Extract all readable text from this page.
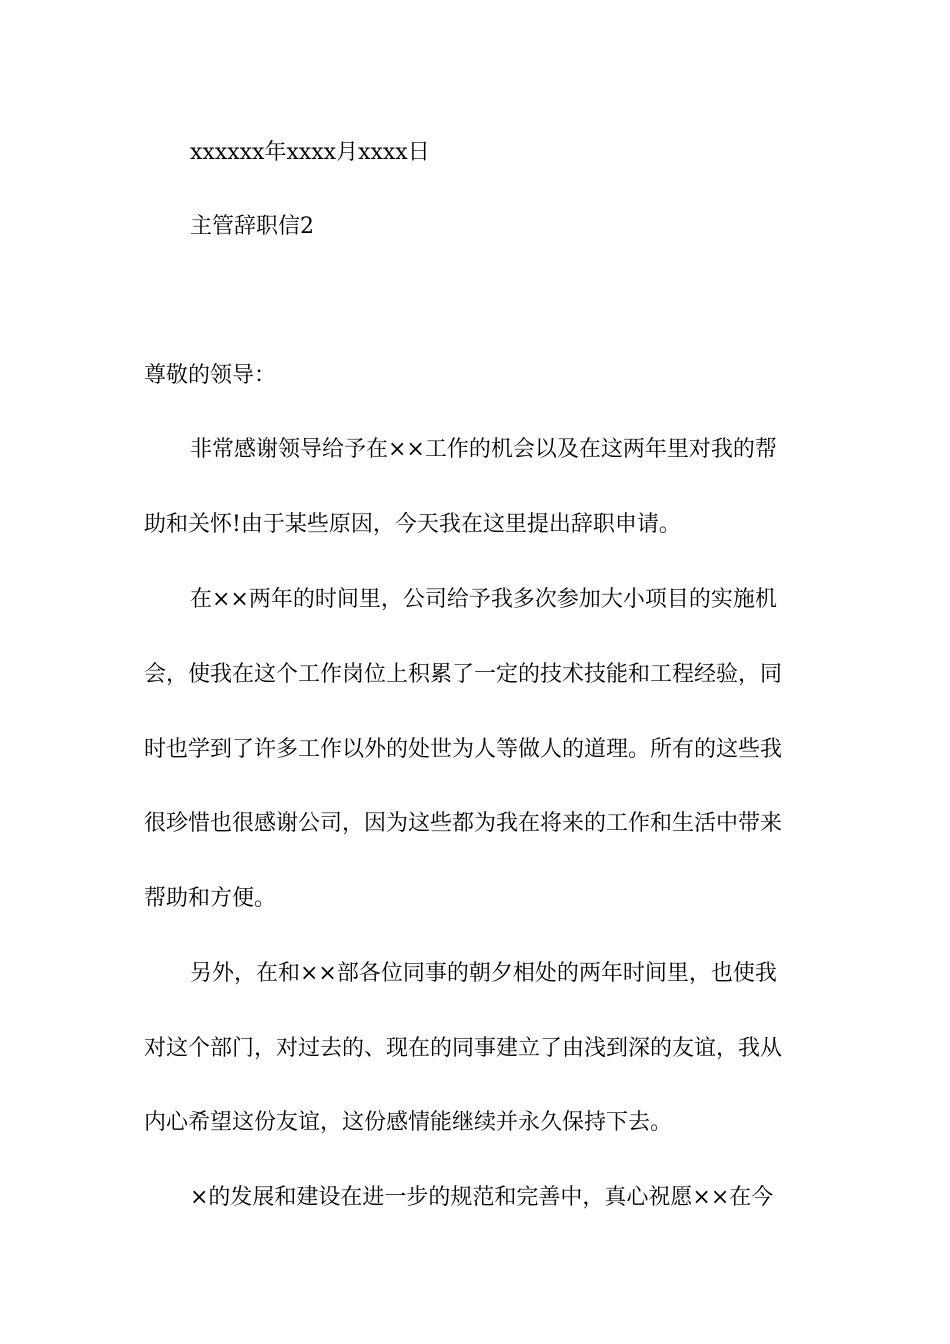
xxxxxx年xxxx月xxxx日
主管辞职信2
尊敬的领导：
非常感谢领导给予在××工作的机会以及在这两年里对我的帮
助和关怀!由于某些原因，今天我在这里提出辞职申请。
在××两年的时间里，公司给予我多次参加大小项目的实施机
会，使我在这个工作岗位上积累了一定的技术技能和工程经验，同
时也学到了许多工作以外的处世为人等做人的道理。所有的这些我
很珍惜也很感谢公司，因为这些都为我在将来的工作和生活中带来
帮助和方便。
另外，在和××部各位同事的朝夕相处的两年时间里，也使我
对这个部门，对过去的、现在的同事建立了由浅到深的友谊，我从
内心希望这份友谊，这份感情能继续并永久保持下去。
×的发展和建设在进一步的规范和完善中，真心祝愿××在今
